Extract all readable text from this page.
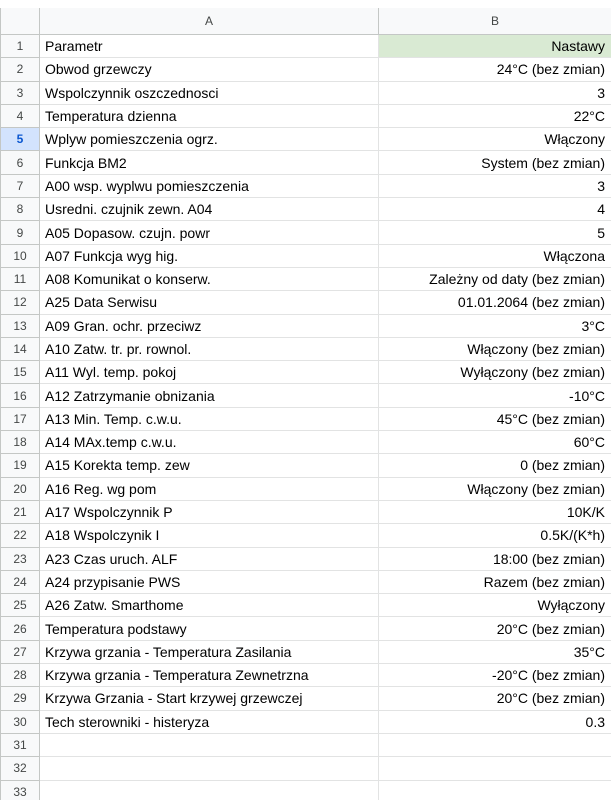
	A	B
1	Parametr	Nastawy
2	Obwod grzewczy	24°C (bez zmian)
3	Wspolczynnik oszczednosci	3
4	Temperatura dzienna	22°C
5	Wplyw pomieszczenia ogrz.	Włączony
6	Funkcja BM2	System (bez zmian)
7	A00 wsp. wyplwu pomieszczenia	3
8	Usredni. czujnik zewn. A04	4
9	A05 Dopasow. czujn. powr	5
10	A07 Funkcja wyg hig.	Włączona
11	A08 Komunikat o konserw.	Zależny od daty (bez zmian)
12	A25 Data Serwisu	01.01.2064 (bez zmian)
13	A09 Gran. ochr. przeciwz	3°C
14	A10 Zatw. tr. pr. rownol.	Włączony (bez zmian)
15	A11 Wyl. temp. pokoj	Wyłączony (bez zmian)
16	A12 Zatrzymanie obnizania	-10°C
17	A13 Min. Temp. c.w.u.	45°C (bez zmian)
18	A14 MAx.temp c.w.u.	60°C
19	A15 Korekta temp. zew	0 (bez zmian)
20	A16 Reg. wg pom	Włączony (bez zmian)
21	A17 Wspolczynnik P	10K/K
22	A18 Wspolczynik I	0.5K/(K*h)
23	A23 Czas uruch. ALF	18:00 (bez zmian)
24	A24 przypisanie PWS	Razem (bez zmian)
25	A26 Zatw. Smarthome	Wyłączony
26	Temperatura podstawy	20°C (bez zmian)
27	Krzywa grzania - Temperatura Zasilania	35°C
28	Krzywa grzania - Temperatura Zewnetrzna	-20°C (bez zmian)
29	Krzywa Grzania - Start krzywej grzewczej	20°C (bez zmian)
30	Tech sterowniki - histeryza	0.3
31		
32		
33		
